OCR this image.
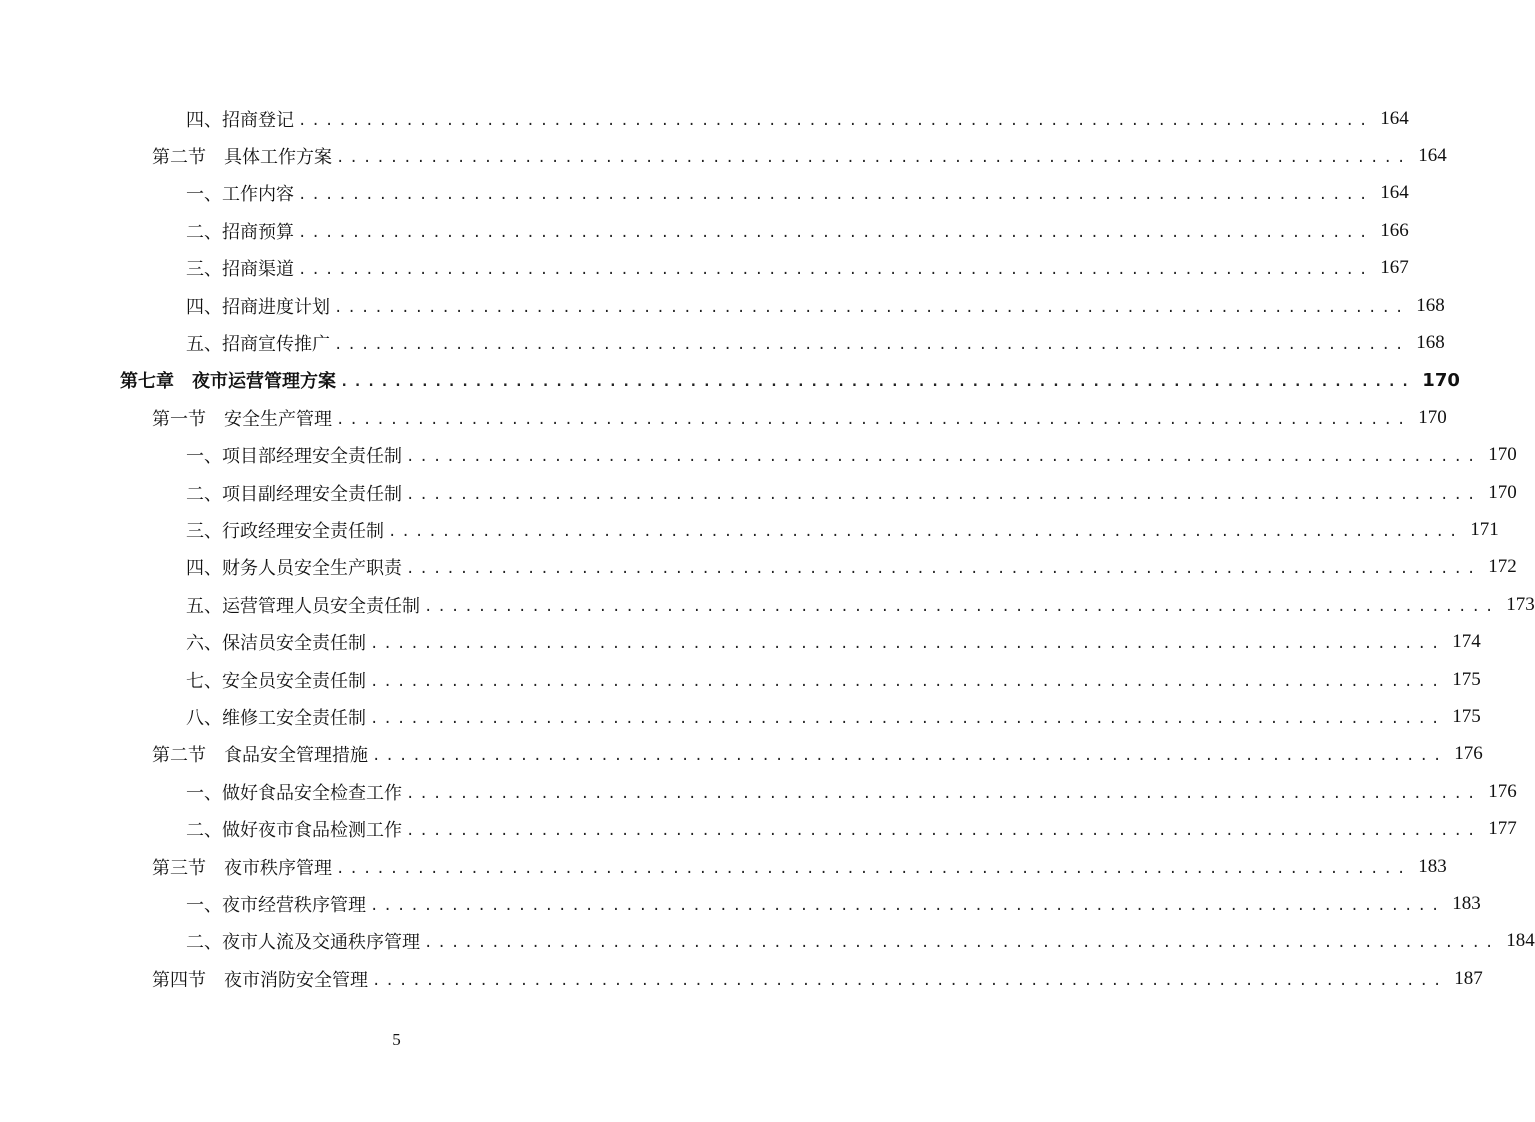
四、招商登记 ................................................................................ 164
第二节　具体工作方案 ................................................................................ 164
一、工作内容 ................................................................................ 164
二、招商预算 ................................................................................ 166
三、招商渠道 ................................................................................ 167
四、招商进度计划 ................................................................................ 168
五、招商宣传推广 ................................................................................ 168
第七章　夜市运营管理方案 ................................................................................ 170
第一节　安全生产管理 ................................................................................ 170
一、项目部经理安全责任制 ................................................................................ 170
二、项目副经理安全责任制 ................................................................................ 170
三、行政经理安全责任制 ................................................................................ 171
四、财务人员安全生产职责 ................................................................................ 172
五、运营管理人员安全责任制 ................................................................................ 173
六、保洁员安全责任制 ................................................................................ 174
七、安全员安全责任制 ................................................................................ 175
八、维修工安全责任制 ................................................................................ 175
第二节　食品安全管理措施 ................................................................................ 176
一、做好食品安全检查工作 ................................................................................ 176
二、做好夜市食品检测工作 ................................................................................ 177
第三节　夜市秩序管理 ................................................................................ 183
一、夜市经营秩序管理 ................................................................................ 183
二、夜市人流及交通秩序管理 ................................................................................ 184
第四节　夜市消防安全管理 ................................................................................ 187
5
